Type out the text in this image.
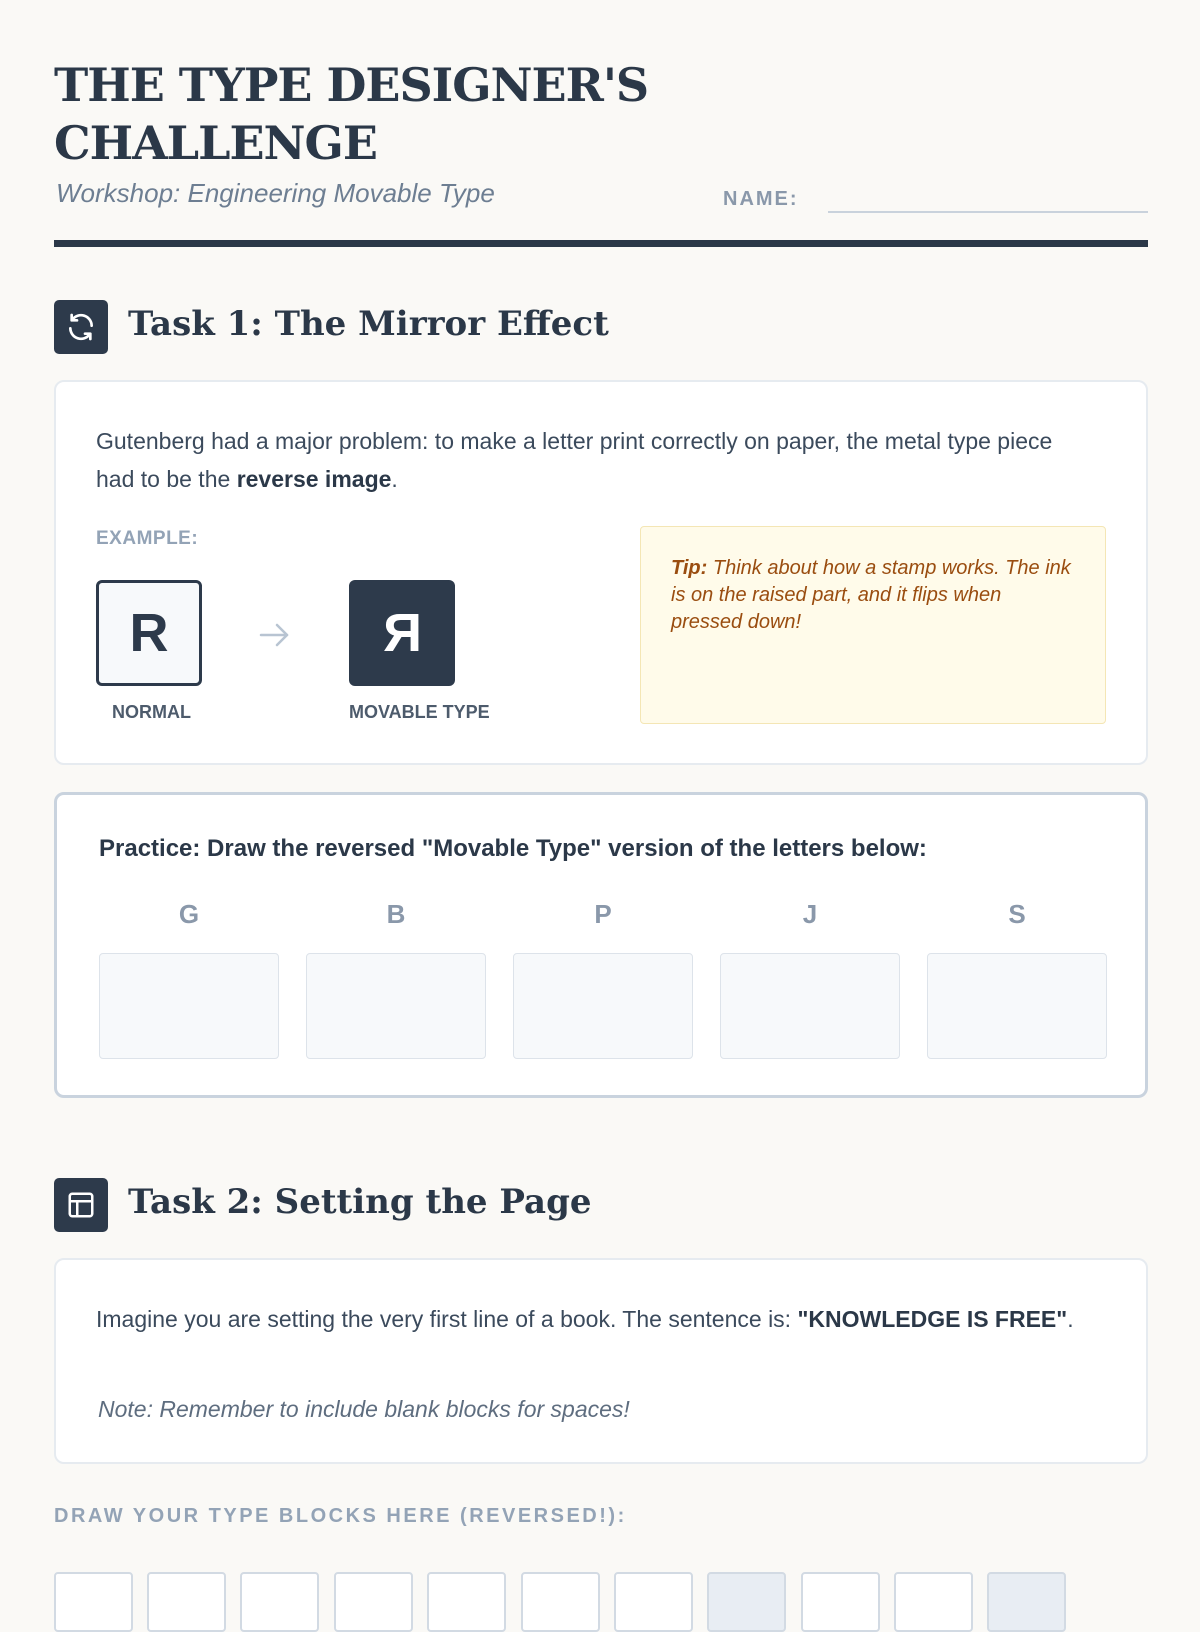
THE TYPE DESIGNER'S
CHALLENGE
Workshop: Engineering Movable Type	NAME:
Task 1: The Mirror Effect
Gutenberg had a major problem: to make a letter print correctly on paper, the metal type piece had to be the reverse image.
EXAMPLE:
R
NORMAL
R
MOVABLE TYPE
Tip: Think about how a stamp works. The ink is on the raised part, and it flips when pressed down!
Practice: Draw the reversed "Movable Type" version of the letters below:
G	B	P	J	S
Task 2: Setting the Page
Imagine you are setting the very first line of a book. The sentence is: "KNOWLEDGE IS FREE".
Note: Remember to include blank blocks for spaces!
DRAW YOUR TYPE BLOCKS HERE (REVERSED!):
